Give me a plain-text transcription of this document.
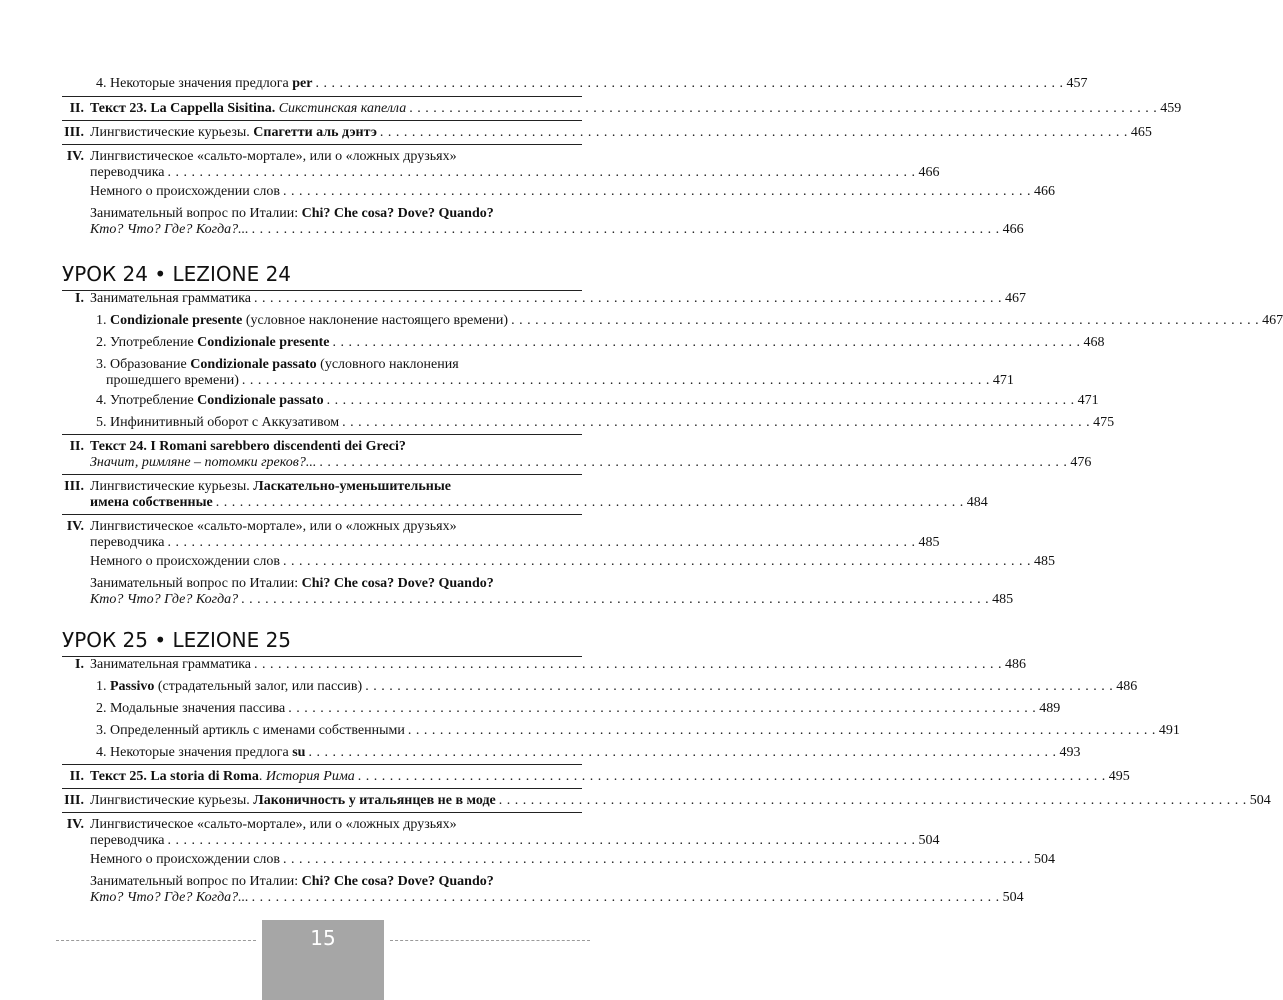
4. Некоторые значения предлога per . . .	457
II. Текст 23. La Cappella Sisitina. Сикстинская капелла . . .	459
III. Лингвистические курьезы. Спагетти аль дэнтэ . . .	465
IV. Лингвистическое «сальто-мортале», или о «ложных друзьях»
переводчика . . .	466
Немного о происхождении слов . . .	466
Занимательный вопрос по Италии: Chi? Che cosa? Dove? Quando?
Кто? Что? Где? Когда?... . . .	466
УРОК 24 • LEZIONE 24
I. Занимательная грамматика . . .	467
1. Condizionale presente (условное наклонение настоящего времени) . . .	467
2. Употребление Condizionale presente . . .	468
3. Образование Condizionale passato (условного наклонения
прошедшего времени) . . .	471
4. Употребление Condizionale passato . . .	471
5. Инфинитивный оборот с Аккузативом . . .	475
II. Текст 24. I Romani sarebbero discendenti dei Greci?
Значит, римляне – потомки греков?... . . .	476
III. Лингвистические курьезы. Ласкательно-уменьшительные
имена собственные . . .	484
IV. Лингвистическое «сальто-мортале», или о «ложных друзьях»
переводчика . . .	485
Немного о происхождении слов . . .	485
Занимательный вопрос по Италии: Chi? Che cosa? Dove? Quando?
Кто? Что? Где? Когда? . . .	485
УРОК 25 • LEZIONE 25
I. Занимательная грамматика . . .	486
1. Passivo (страдательный залог, или пассив) . . .	486
2. Модальные значения пассива . . .	489
3. Определенный артикль с именами собственными . . .	491
4. Некоторые значения предлога su . . .	493
II. Текст 25. La storia di Roma. История Рима . . .	495
III. Лингвистические курьезы. Лаконичность у итальянцев не в моде . . .	504
IV. Лингвистическое «сальто-мортале», или о «ложных друзьях»
переводчика . . .	504
Немного о происхождении слов . . .	504
Занимательный вопрос по Италии: Chi? Che cosa? Dove? Quando?
Кто? Что? Где? Когда?... . . .	504
15
